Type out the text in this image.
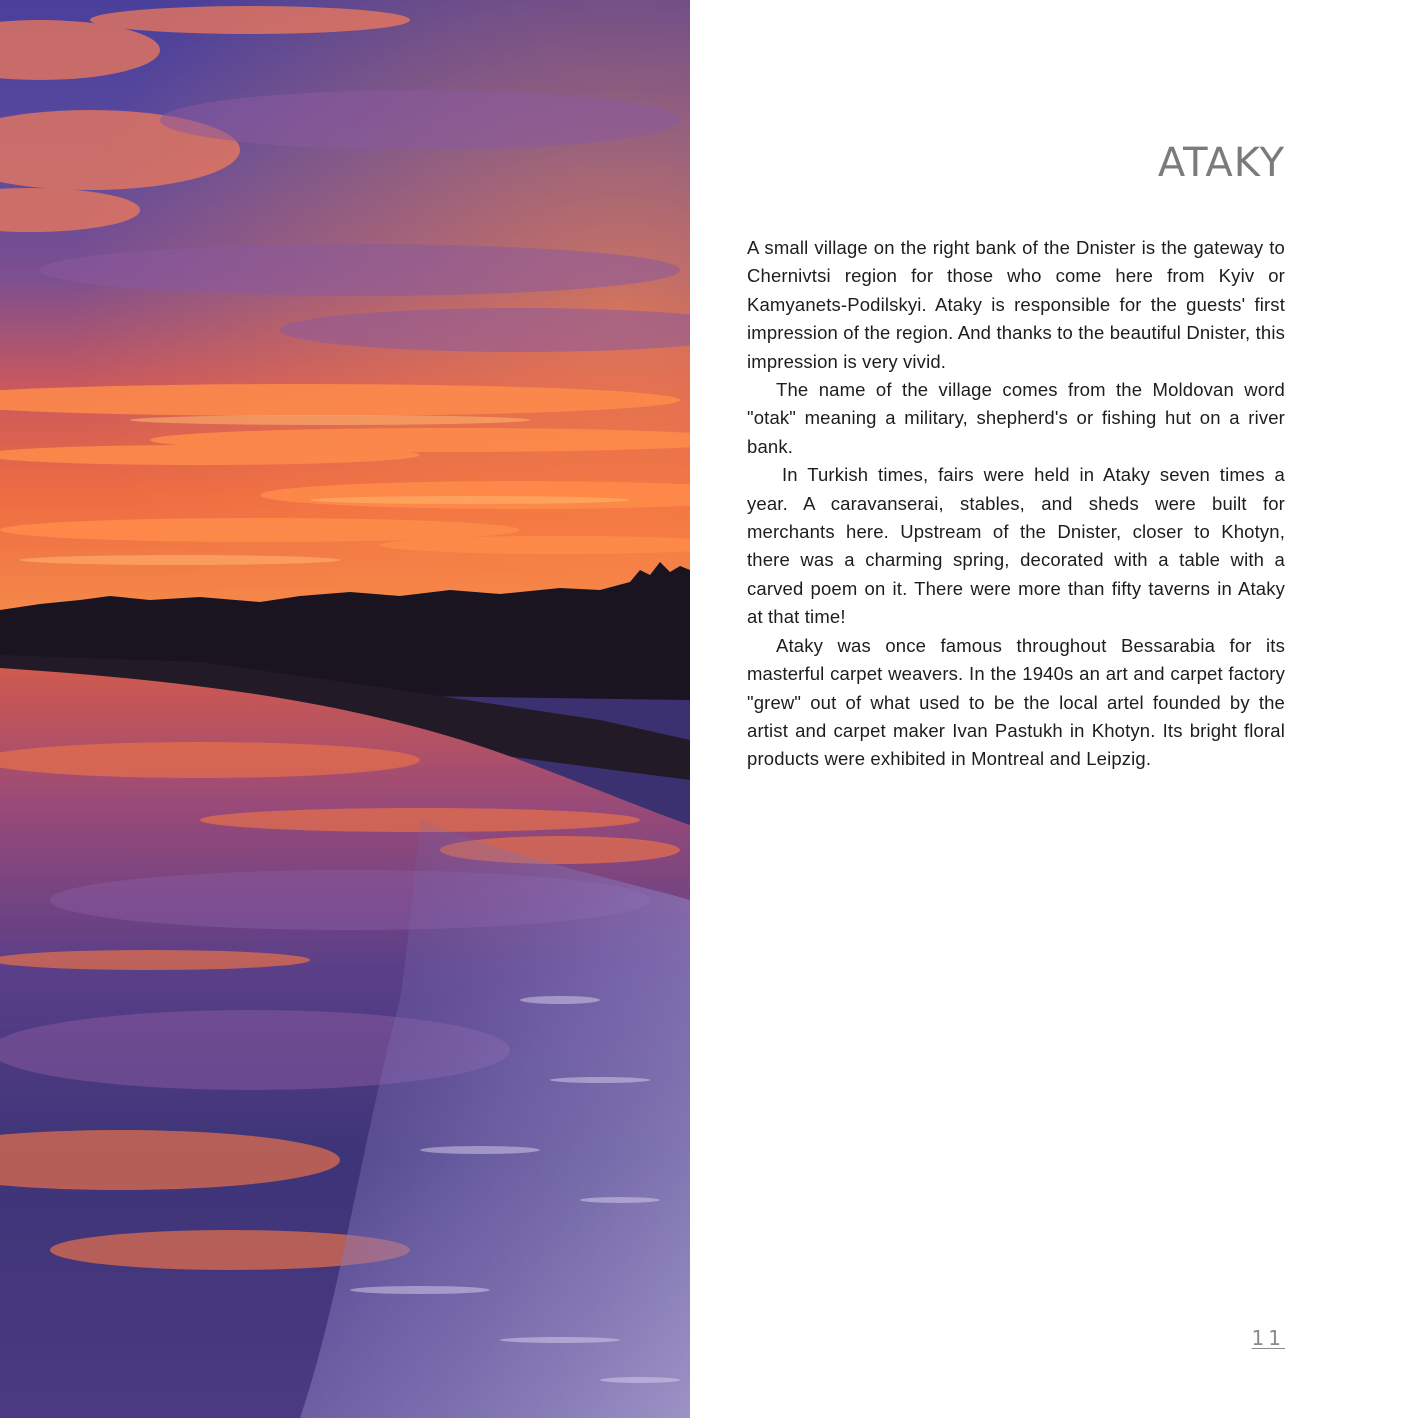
ATAKY

A small village on the right bank of the Dnister is the gateway to Chernivtsi region for those who come here from Kyiv or Kamyanets-Podilskyi. Ataky is responsible for the guests' first impression of the region. And thanks to the beautiful Dnister, this impression is very vivid.

The name of the village comes from the Moldovan word "otak" meaning a military, shepherd's or fishing hut on a river bank.

In Turkish times, fairs were held in Ataky seven times a year. A caravanserai, stables, and sheds were built for merchants here. Upstream of the Dnister, closer to Khotyn, there was a charming spring, decorated with a table with a carved poem on it. There were more than fifty taverns in Ataky at that time!

Ataky was once famous throughout Bessarabia for its masterful carpet weavers. In the 1940s an art and carpet factory "grew" out of what used to be the local artel founded by the artist and carpet maker Ivan Pastukh in Khotyn. Its bright floral products were exhibited in Montreal and Leipzig.

11
